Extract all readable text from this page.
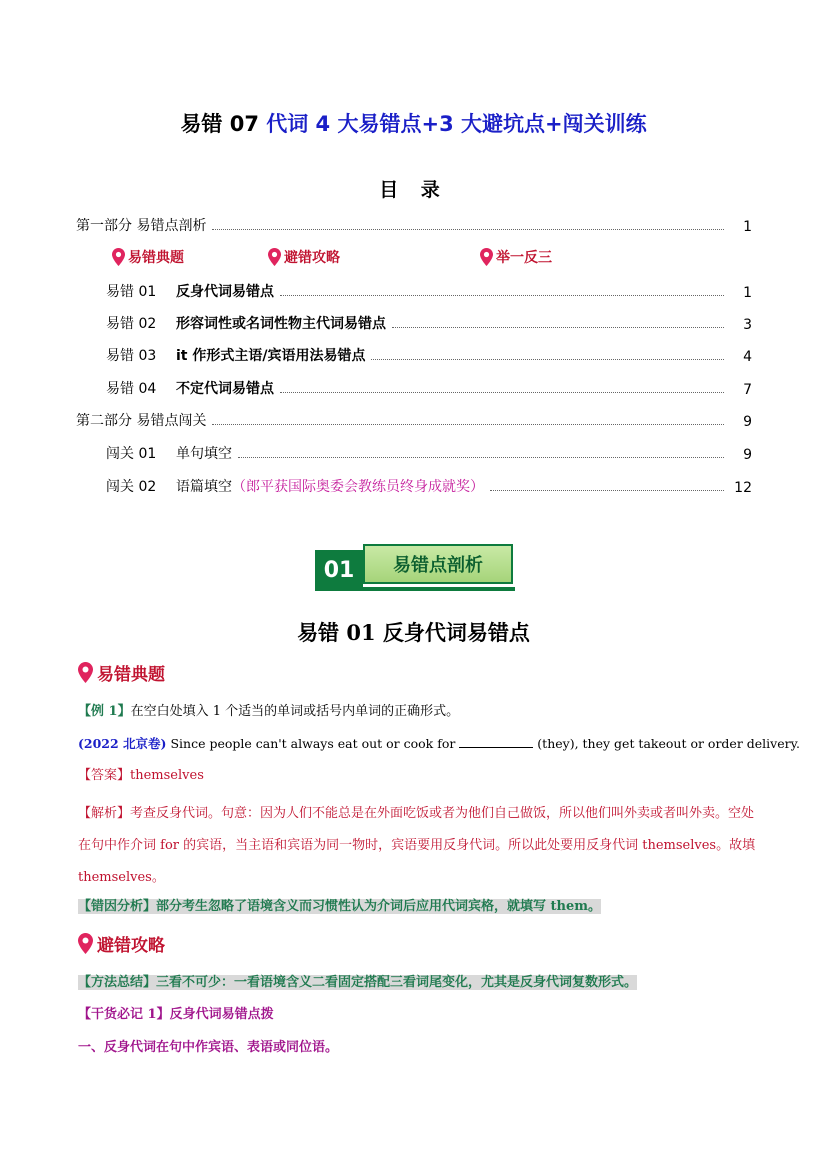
易错 07 代词 4 大易错点+3 大避坑点+闯关训练
目 录
第一部分 易错点剖析	1
易错典题	避错攻略	举一反三
易错 01	反身代词易错点	1
易错 02	形容词性或名词性物主代词易错点	3
易错 03	it 作形式主语/宾语用法易错点	4
易错 04	不定代词易错点	7
第二部分 易错点闯关	9
闯关 01	单句填空	9
闯关 02	语篇填空 （郎平获国际奥委会教练员终身成就奖）	12
易错点剖析
01
易错 01 反身代词易错点
易错典题
【例 1】在空白处填入 1 个适当的单词或括号内单词的正确形式。
(2022 北京卷) Since people can't always eat out or cook for	(they), they get takeout or order delivery.
【答案】themselves
【解析】考查反身代词。句意：因为人们不能总是在外面吃饭或者为他们自己做饭，所以他们叫外卖或者叫外卖。空处在句中作介词 for 的宾语，当主语和宾语为同一物时，宾语要用反身代词。所以此处要用反身代词 themselves。故填 themselves。
【错因分析】部分考生忽略了语境含义而习惯性认为介词后应用代词宾格，就填写 them。
避错攻略
【方法总结】三看不可少：一看语境含义二看固定搭配三看词尾变化，尤其是反身代词复数形式。
【干货必记 1】反身代词易错点拨
一、反身代词在句中作宾语、表语或同位语。
